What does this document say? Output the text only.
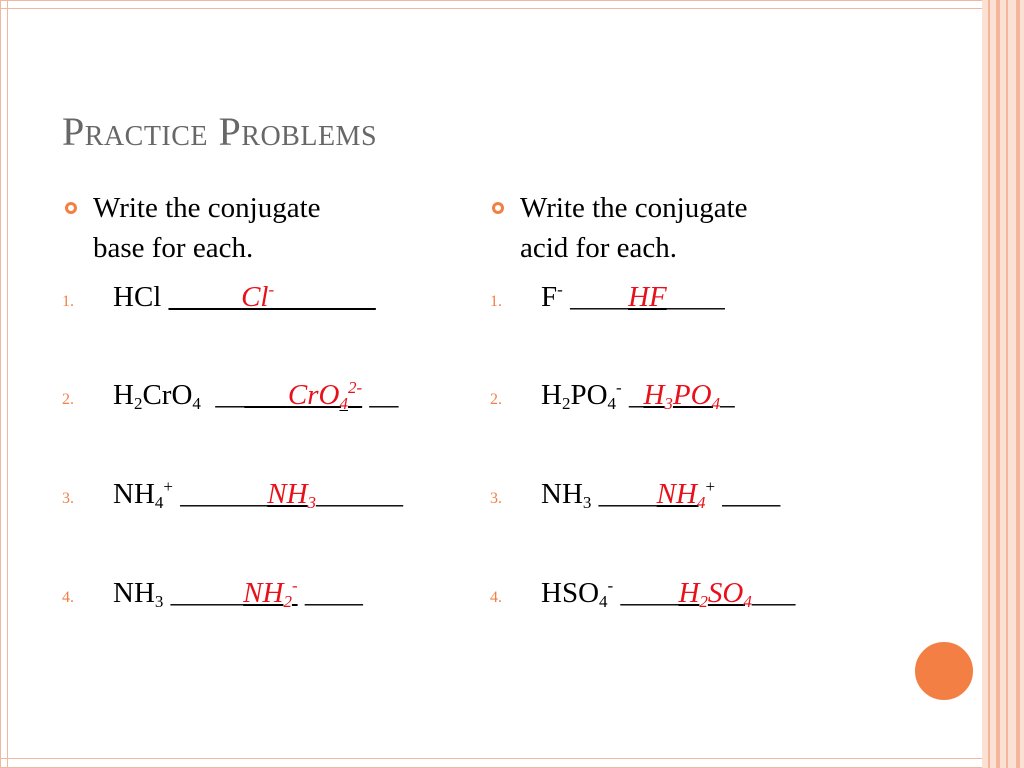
Practice Problems
Write the conjugate
base for each.
Write the conjugate
acid for each.
1. HCl _____Cl-_______
2. $H_2CrO_4$  _____CrO$_4^{2-}$ __
3. $NH_4^+$ $\_\_\_\_\_\_NH_3\_\_\_\_\_\_$
4. $NH_3$ $\_\_\_\_\_NH_2^-$ ____
1. F- ____HF____
2. $H_2PO_4^-$ $\_H_3PO_4\_$
3. $NH_3$ $\_\_\_\_NH_4^+$ ____
4. $HSO_4^-$ $\_\_\_\_H_2SO_4\_\_\_$
